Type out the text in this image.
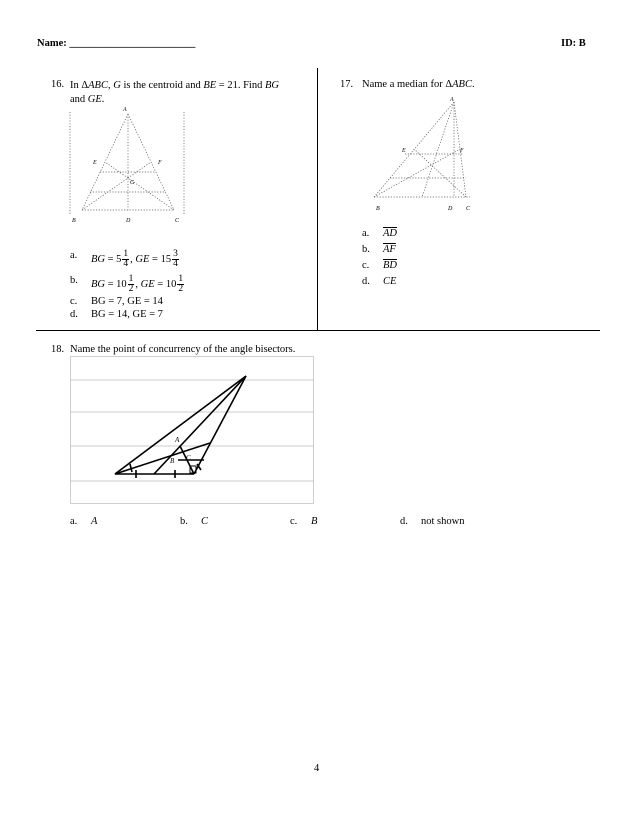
Name: ________________________	ID: B
16. In ΔABC, G is the centroid and BE = 21. Find BG
and GE.
A
E	F
G
B	D	C
a. BG = $5 \frac{1}{4}$ , GE = $15 \frac{3}{4}$
b. BG = $10 \frac{1}{2}$ , GE = $10 \frac{1}{2}$
c. BG = 7, GE = 14
d. BG = 14, GE = 7
17. Name a median for ΔABC.
A
E	F
B	D C
a. $\overline{AD}$
b. $\overline{AF}$
c. $\overline{BD}$
d. CE
18. Name the point of concurrency of the angle bisectors.
A
B C
a. A	b. C	c. B	d. not shown
4
